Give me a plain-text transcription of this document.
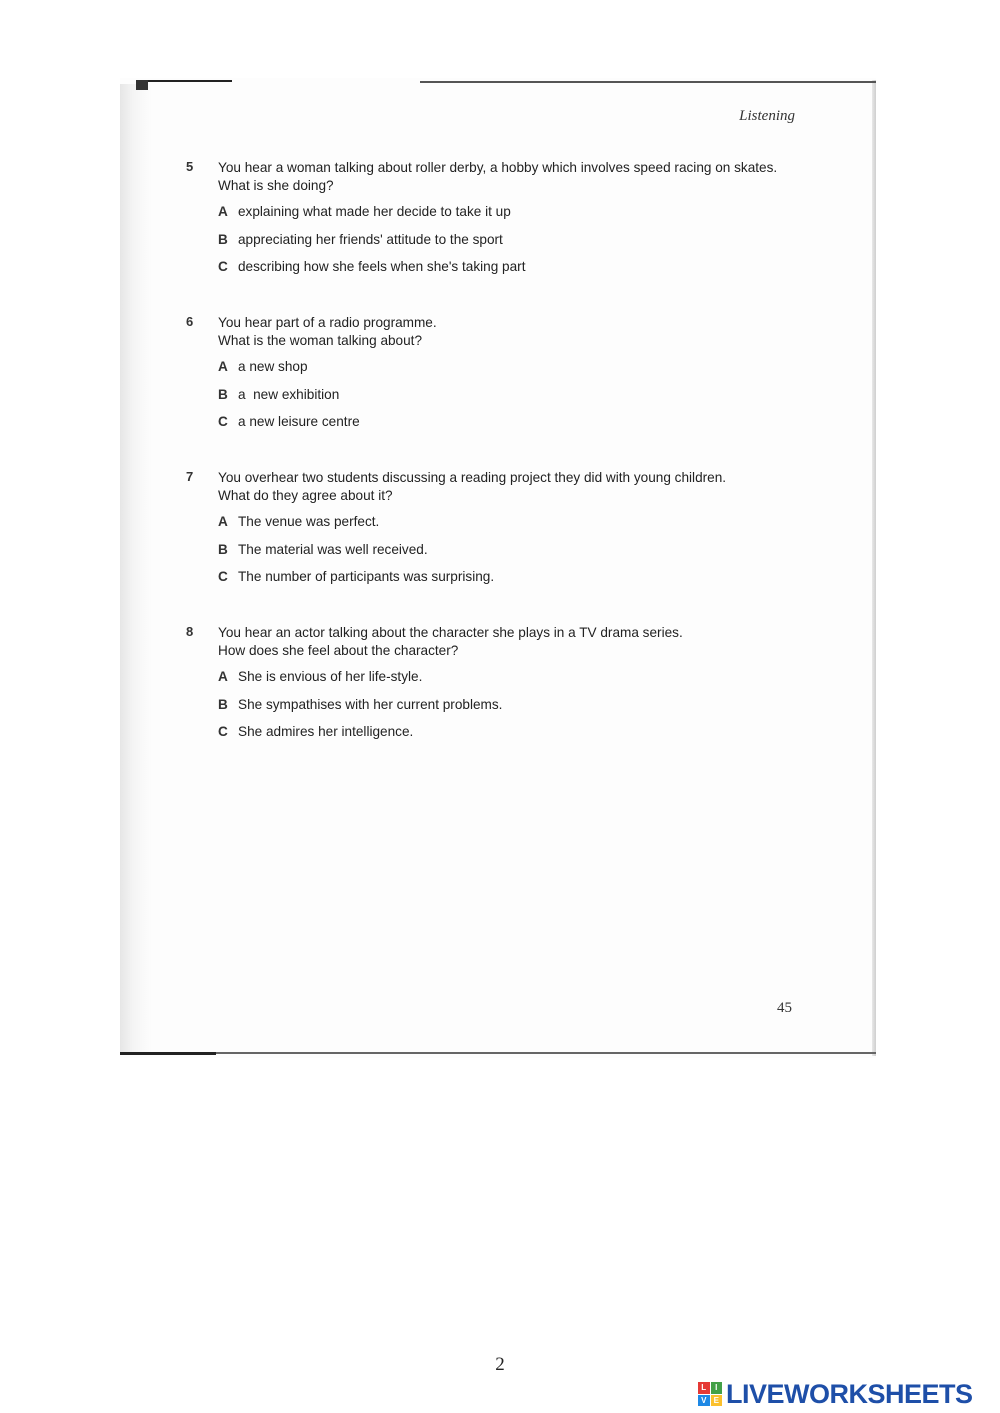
Listening
5	You hear a woman talking about roller derby, a hobby which involves speed racing on skates.
What is she doing?
A explaining what made her decide to take it up
B appreciating her friends' attitude to the sport
C describing how she feels when she's taking part
6	You hear part of a radio programme.
What is the woman talking about?
A a new shop
B a  new exhibition
C a new leisure centre
7	You overhear two students discussing a reading project they did with young children.
What do they agree about it?
A The venue was perfect.
B The material was well received.
C The number of participants was surprising.
8	You hear an actor talking about the character she plays in a TV drama series.
How does she feel about the character?
A She is envious of her life-style.
B She sympathises with her current problems.
C She admires her intelligence.
45
2
L	I
V E LIVEWORKSHEETS
